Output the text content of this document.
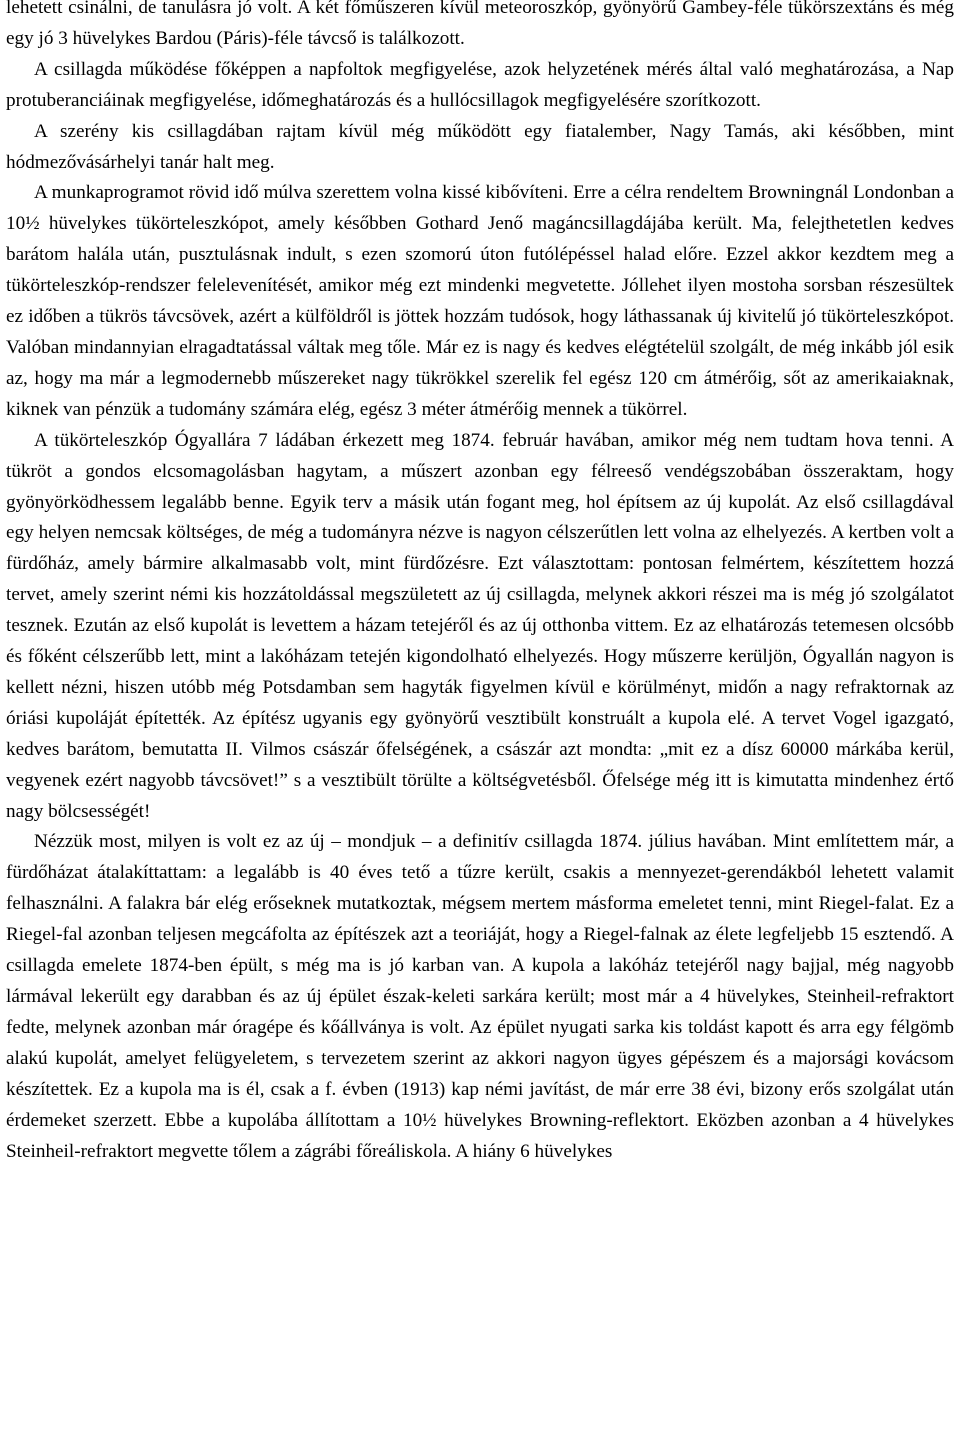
lehetett csinálni, de tanulásra jó volt. A két főműszeren kívül meteoroszkóp, gyönyörű Gambey-féle tükörszextáns és még egy jó 3 hüvelykes Bardou (Páris)-féle távcső is találkozott.

A csillagda működése főképpen a napfoltok megfigyelése, azok helyzetének mérés által való meghatározása, a Nap protuberanciáinak megfigyelése, időmeghatározás és a hullócsillagok megfigyelésére szorítkozott.

A szerény kis csillagdában rajtam kívül még működött egy fiatalember, Nagy Tamás, aki későbben, mint hódmezővásárhelyi tanár halt meg.

A munkaprogramot rövid idő múlva szerettem volna kissé kibővíteni. Erre a célra rendeltem Browningnál Londonban a 10½ hüvelykes tükörteleszkópot, amely későbben Gothard Jenő magáncsillagdájába került. Ma, felejthetetlen kedves barátom halála után, pusztulásnak indult, s ezen szomorú úton futólépéssel halad előre. Ezzel akkor kezdtem meg a tükörteleszkóp-rendszer felelevenítését, amikor még ezt mindenki megvetette. Jóllehet ilyen mostoha sorsban részesültek ez időben a tükrös távcsövek, azért a külföldről is jöttek hozzám tudósok, hogy láthassanak új kivitelű jó tükörteleszkópot. Valóban mindannyian elragadtatással váltak meg tőle. Már ez is nagy és kedves elégtételül szolgált, de még inkább jól esik az, hogy ma már a legmodernebb műszereket nagy tükrökkel szerelik fel egész 120 cm átmérőig, sőt az amerikaiaknak, kiknek van pénzük a tudomány számára elég, egész 3 méter átmérőig mennek a tükörrel.

A tükörteleszkóp Ógyallára 7 ládában érkezett meg 1874. február havában, amikor még nem tudtam hova tenni. A tükröt a gondos elcsomagolásban hagytam, a műszert azonban egy félreeső vendégszobában összeraktam, hogy gyönyörködhessem legalább benne. Egyik terv a másik után fogant meg, hol építsem az új kupolát. Az első csillagdával egy helyen nemcsak költséges, de még a tudományra nézve is nagyon célszerűtlen lett volna az elhelyezés. A kertben volt a fürdőház, amely bármire alkalmasabb volt, mint fürdőzésre. Ezt választottam: pontosan felmértem, készítettem hozzá tervet, amely szerint némi kis hozzátoldással megszületett az új csillagda, melynek akkori részei ma is még jó szolgálatot tesznek. Ezután az első kupolát is levettem a házam tetejéről és az új otthonba vittem. Ez az elhatározás tetemesen olcsóbb és főként célszerűbb lett, mint a lakóházam tetején kigondolható elhelyezés. Hogy műszerre kerüljön, Ógyallán nagyon is kellett nézni, hiszen utóbb még Potsdamban sem hagyták figyelmen kívül e körülményt, midőn a nagy refraktornak az óriási kupoláját építették. Az építész ugyanis egy gyönyörű vesztibült konstruált a kupola elé. A tervet Vogel igazgató, kedves barátom, bemutatta II. Vilmos császár őfelségének, a császár azt mondta: „mit ez a dísz 60000 márkába kerül, vegyenek ezért nagyobb távcsövet!” s a vesztibült törülte a költségvetésből. Őfelsége még itt is kimutatta mindenhez értő nagy bölcsességét!

Nézzük most, milyen is volt ez az új – mondjuk – a definitív csillagda 1874. július havában. Mint említettem már, a fürdőházat átalakíttattam: a legalább is 40 éves tető a tűzre került, csakis a mennyezet-gerendákból lehetett valamit felhasználni. A falakra bár elég erőseknek mutatkoztak, mégsem mertem másforma emeletet tenni, mint Riegel-falat. Ez a Riegel-fal azonban teljesen megcáfolta az építészek azt a teoriáját, hogy a Riegel-falnak az élete legfeljebb 15 esztendő. A csillagda emelete 1874-ben épült, s még ma is jó karban van. A kupola a lakóház tetejéről nagy bajjal, még nagyobb lármával lekerült egy darabban és az új épület észak-keleti sarkára került; most már a 4 hüvelykes, Steinheil-refraktort fedte, melynek azonban már óragépe és kőállványa is volt. Az épület nyugati sarka kis toldást kapott és arra egy félgömb alakú kupolát, amelyet felügyeletem, s tervezetem szerint az akkori nagyon ügyes gépészem és a majorsági kovácsom készítettek. Ez a kupola ma is él, csak a f. évben (1913) kap némi javítást, de már erre 38 évi, bizony erős szolgálat után érdemeket szerzett. Ebbe a kupolába állítottam a 10½ hüvelykes Browning-reflektort. Eközben azonban a 4 hüvelykes Steinheil-refraktort megvette tőlem a zágrábi főreáliskola. A hiány 6 hüvelykes
